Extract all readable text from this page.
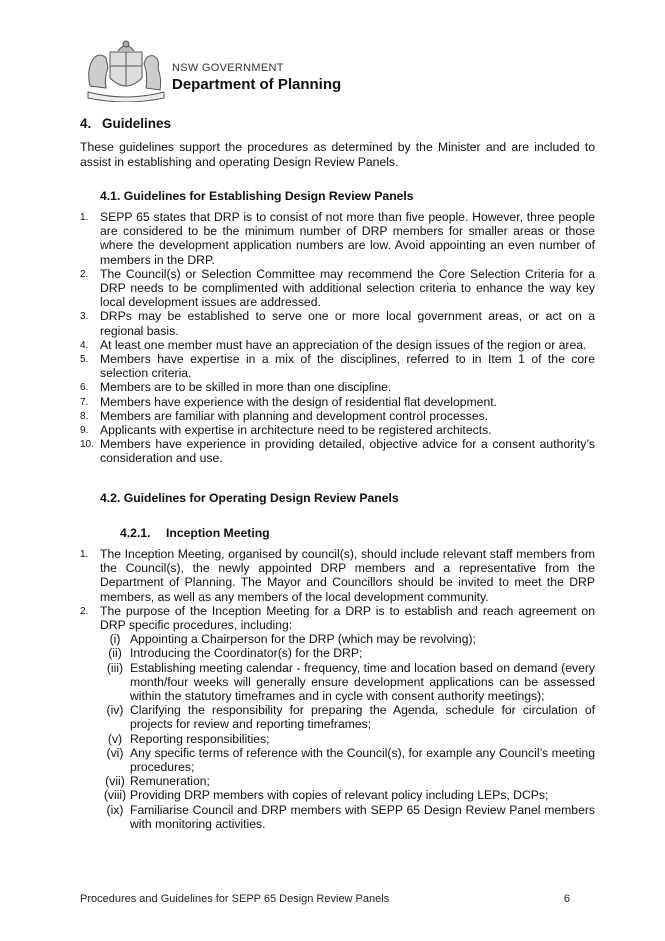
NSW GOVERNMENT
Department of Planning
4. Guidelines
These guidelines support the procedures as determined by the Minister and are included to assist in establishing and operating Design Review Panels.
4.1. Guidelines for Establishing Design Review Panels
1. SEPP 65 states that DRP is to consist of not more than five people. However, three people are considered to be the minimum number of DRP members for smaller areas or those where the development application numbers are low. Avoid appointing an even number of members in the DRP.
2. The Council(s) or Selection Committee may recommend the Core Selection Criteria for a DRP needs to be complimented with additional selection criteria to enhance the way key local development issues are addressed.
3. DRPs may be established to serve one or more local government areas, or act on a regional basis.
4. At least one member must have an appreciation of the design issues of the region or area.
5. Members have expertise in a mix of the disciplines, referred to in Item 1 of the core selection criteria.
6. Members are to be skilled in more than one discipline.
7. Members have experience with the design of residential flat development.
8. Members are familiar with planning and development control processes.
9. Applicants with expertise in architecture need to be registered architects.
10. Members have experience in providing detailed, objective advice for a consent authority’s consideration and use.
4.2. Guidelines for Operating Design Review Panels
4.2.1. Inception Meeting
1. The Inception Meeting, organised by council(s), should include relevant staff members from the Council(s), the newly appointed DRP members and a representative from the Department of Planning. The Mayor and Councillors should be invited to meet the DRP members, as well as any members of the local development community.
2. The purpose of the Inception Meeting for a DRP is to establish and reach agreement on DRP specific procedures, including:
(i) Appointing a Chairperson for the DRP (which may be revolving);
(ii) Introducing the Coordinator(s) for the DRP;
(iii) Establishing meeting calendar - frequency, time and location based on demand (every month/four weeks will generally ensure development applications can be assessed within the statutory timeframes and in cycle with consent authority meetings);
(iv) Clarifying the responsibility for preparing the Agenda, schedule for circulation of projects for review and reporting timeframes;
(v) Reporting responsibilities;
(vi) Any specific terms of reference with the Council(s), for example any Council’s meeting procedures;
(vii) Remuneration;
(viii) Providing DRP members with copies of relevant policy including LEPs, DCPs;
(ix) Familiarise Council and DRP members with SEPP 65 Design Review Panel members with monitoring activities.
Procedures and Guidelines for SEPP 65 Design Review Panels	6
